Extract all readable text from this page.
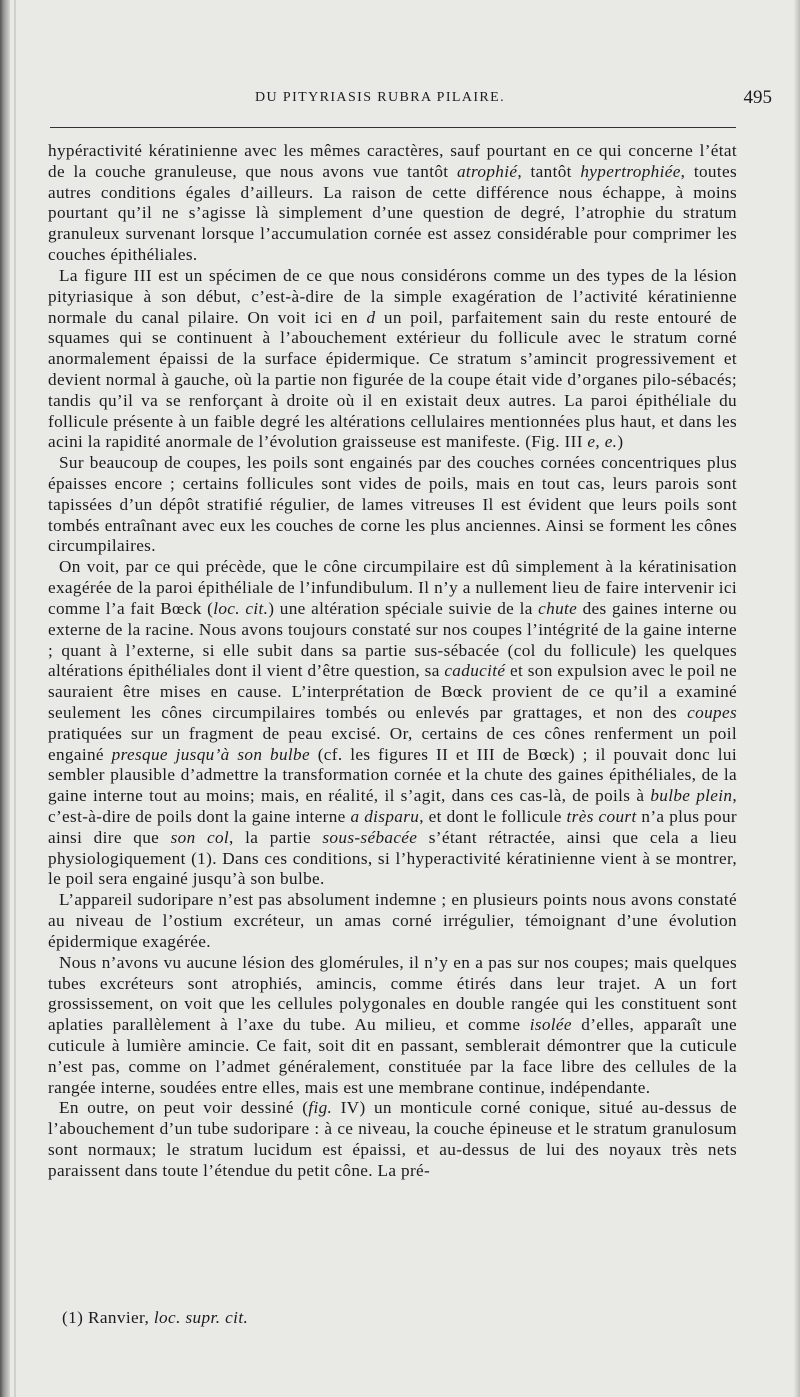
DU PITYRIASIS RUBRA PILAIRE.	495

hypéractivité kératinienne avec les mêmes caractères, sauf pourtant en ce qui concerne l’état de la couche granuleuse, que nous avons vue tantôt atrophié, tantôt hypertrophiée, toutes autres conditions égales d’ailleurs. La raison de cette différence nous échappe, à moins pourtant qu’il ne s’agisse là simplement d’une question de degré, l’atrophie du stratum granuleux survenant lorsque l’accumulation cornée est assez considérable pour comprimer les couches épithéliales.

La figure III est un spécimen de ce que nous considérons comme un des types de la lésion pityriasique à son début, c’est-à-dire de la simple exagération de l’activité kératinienne normale du canal pilaire. On voit ici en d un poil, parfaitement sain du reste entouré de squames qui se continuent à l’abouchement extérieur du follicule avec le stratum corné anormalement épaissi de la surface épidermique. Ce stratum s’amincit progressivement et devient normal à gauche, où la partie non figurée de la coupe était vide d’organes pilo-sébacés; tandis qu’il va se renforçant à droite où il en existait deux autres. La paroi épithéliale du follicule présente à un faible degré les altérations cellulaires mentionnées plus haut, et dans les acini la rapidité anormale de l’évolution graisseuse est manifeste. (Fig. III e, e.)

Sur beaucoup de coupes, les poils sont engainés par des couches cornées concentriques plus épaisses encore ; certains follicules sont vides de poils, mais en tout cas, leurs parois sont tapissées d’un dépôt stratifié régulier, de lames vitreuses Il est évident que leurs poils sont tombés entraînant avec eux les couches de corne les plus anciennes. Ainsi se forment les cônes circumpilaires.

On voit, par ce qui précède, que le cône circumpilaire est dû simplement à la kératinisation exagérée de la paroi épithéliale de l’infundibulum. Il n’y a nullement lieu de faire intervenir ici comme l’a fait Bœck (loc. cit.) une altération spéciale suivie de la chute des gaines interne ou externe de la racine. Nous avons toujours constaté sur nos coupes l’intégrité de la gaine interne ; quant à l’externe, si elle subit dans sa partie sus-sébacée (col du follicule) les quelques altérations épithéliales dont il vient d’être question, sa caducité et son expulsion avec le poil ne sauraient être mises en cause. L’interprétation de Bœck provient de ce qu’il a examiné seulement les cônes circumpilaires tombés ou enlevés par grattages, et non des coupes pratiquées sur un fragment de peau excisé. Or, certains de ces cônes renferment un poil engainé presque jusqu’à son bulbe (cf. les figures II et III de Bœck) ; il pouvait donc lui sembler plausible d’admettre la transformation cornée et la chute des gaines épithéliales, de la gaine interne tout au moins; mais, en réalité, il s’agit, dans ces cas-là, de poils à bulbe plein, c’est-à-dire de poils dont la gaine interne a disparu, et dont le follicule très court n’a plus pour ainsi dire que son col, la partie sous-sébacée s’étant rétractée, ainsi que cela a lieu physiologiquement (1). Dans ces conditions, si l’hyperactivité kératinienne vient à se montrer, le poil sera engainé jusqu’à son bulbe.

L’appareil sudoripare n’est pas absolument indemne ; en plusieurs points nous avons constaté au niveau de l’ostium excréteur, un amas corné irrégulier, témoignant d’une évolution épidermique exagérée.

Nous n’avons vu aucune lésion des glomérules, il n’y en a pas sur nos coupes; mais quelques tubes excréteurs sont atrophiés, amincis, comme étirés dans leur trajet. A un fort grossissement, on voit que les cellules polygonales en double rangée qui les constituent sont aplaties parallèlement à l’axe du tube. Au milieu, et comme isolée d’elles, apparaît une cuticule à lumière amincie. Ce fait, soit dit en passant, semblerait démontrer que la cuticule n’est pas, comme on l’admet généralement, constituée par la face libre des cellules de la rangée interne, soudées entre elles, mais est une membrane continue, indépendante.

En outre, on peut voir dessiné (fig. IV) un monticule corné conique, situé au-dessus de l’abouchement d’un tube sudoripare : à ce niveau, la couche épineuse et le stratum granulosum sont normaux; le stratum lucidum est épaissi, et au-dessus de lui des noyaux très nets paraissent dans toute l’étendue du petit cône. La pré-

(1) Ranvier, loc. supr. cit.
